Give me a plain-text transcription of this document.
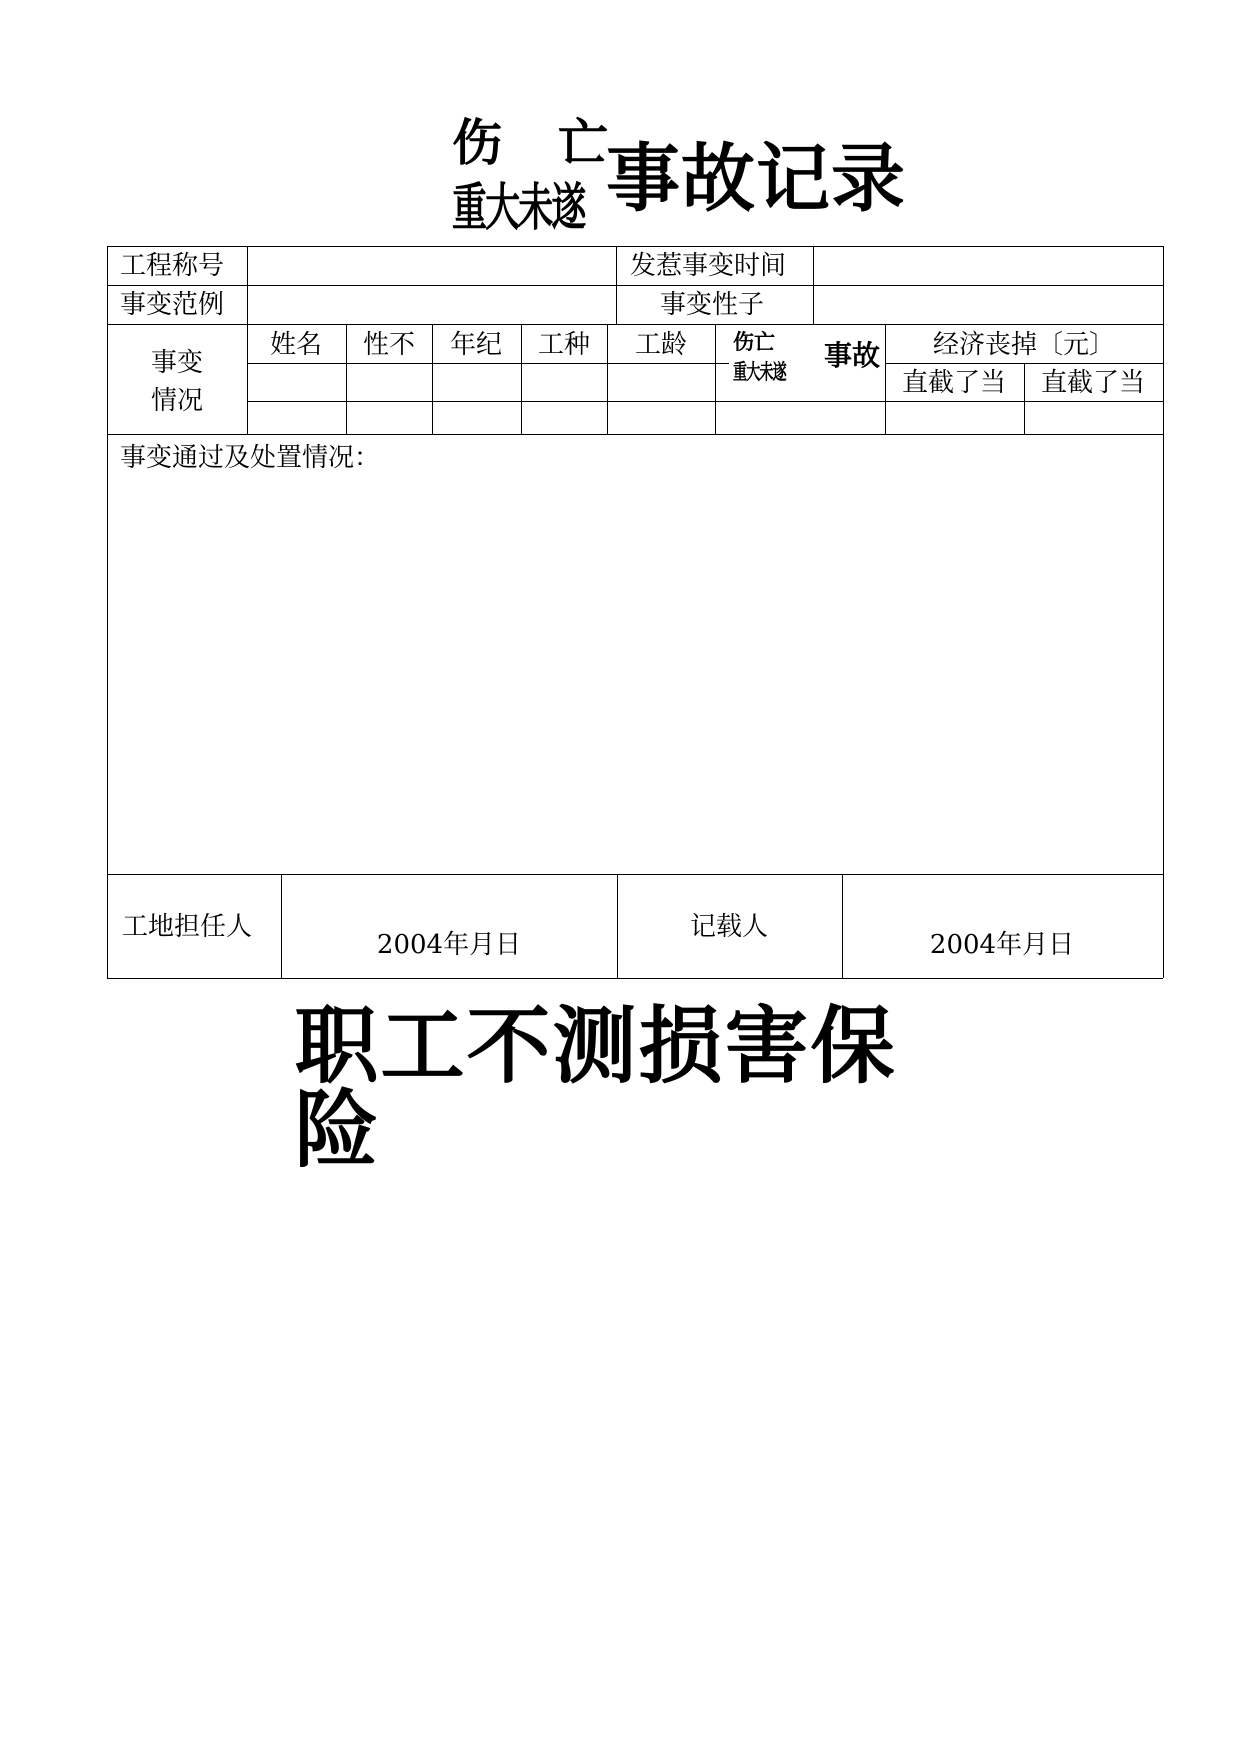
伤 亡
重大未遂 事故记录
工程称号	发惹事变时间
事变范例	事变性子
事变
情况
姓名 性不 年纪 工种 工龄 伤 亡
重大未遂 事故 经济丧掉〔元〕
直截了当 直截了当
事变通过及处置情况：
工地担任人
2004年月日
记载人
2004年月日
职工不测损害保险
